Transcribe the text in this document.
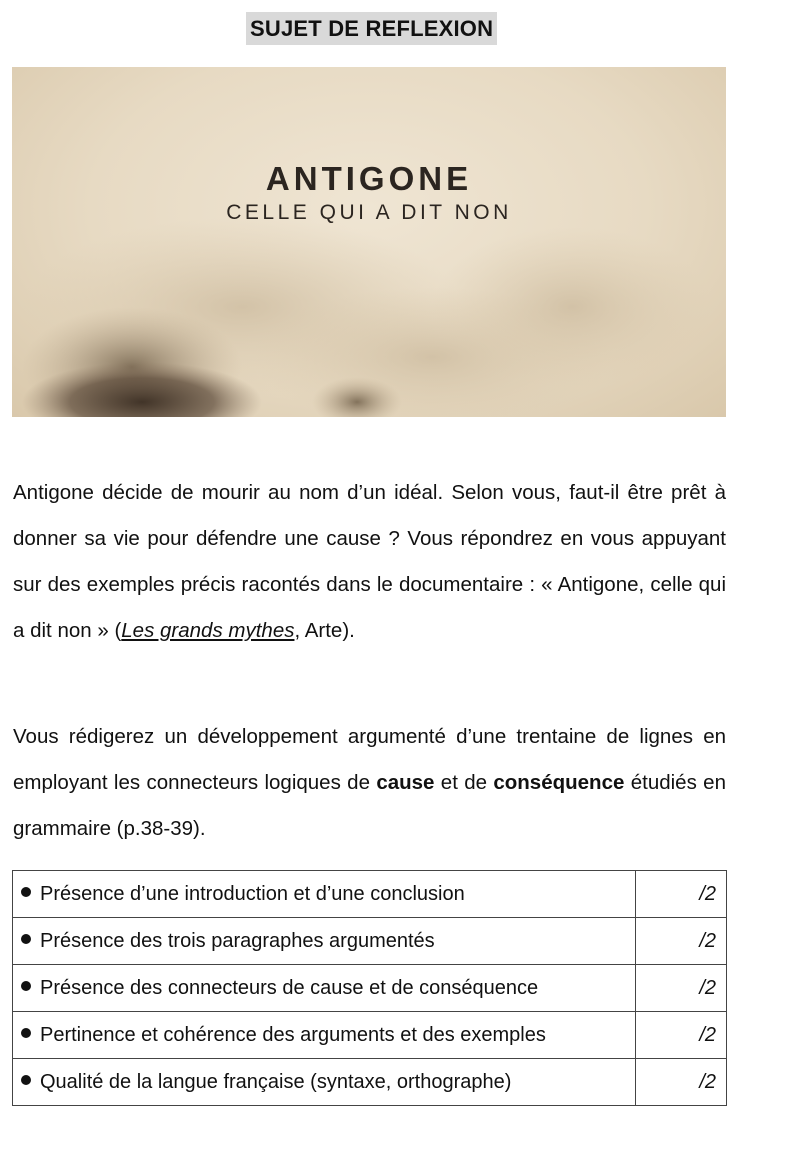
SUJET DE REFLEXION
ANTIGONE
CELLE QUI A DIT NON
Antigone décide de mourir au nom d’un idéal. Selon vous, faut-il être prêt à donner sa vie pour défendre une cause ? Vous répondrez en vous appuyant sur des exemples précis racontés dans le documentaire : « Antigone, celle qui a dit non » (Les grands mythes, Arte).
Vous rédigerez un développement argumenté d’une trentaine de lignes en employant les connecteurs logiques de cause et de conséquence étudiés en grammaire (p.38-39).
Présence d’une introduction et d’une conclusion	/2
Présence des trois paragraphes argumentés	/2
Présence des connecteurs de cause et de conséquence	/2
Pertinence et cohérence des arguments et des exemples	/2
Qualité de la langue française (syntaxe, orthographe)	/2
